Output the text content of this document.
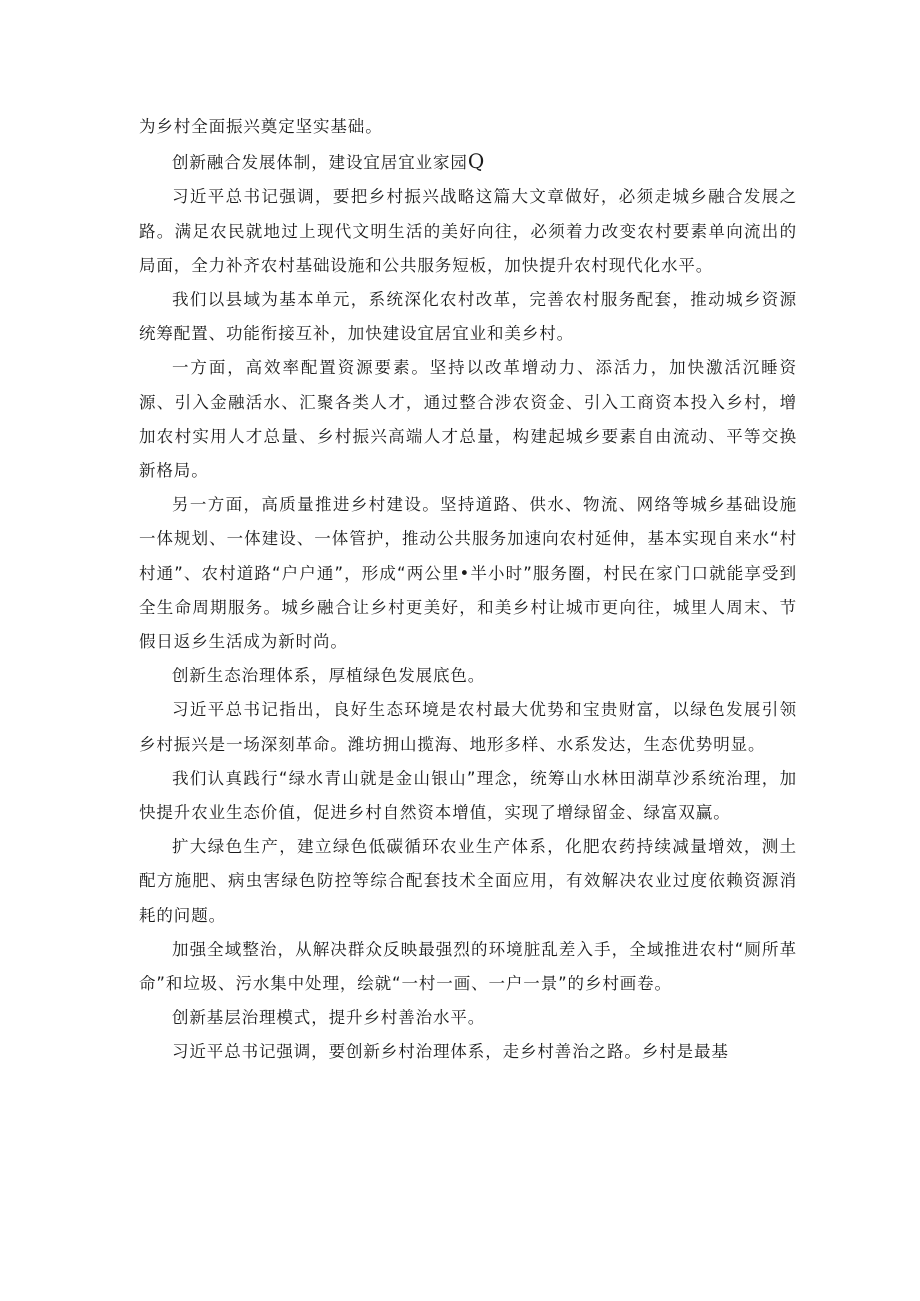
为乡村全面振兴奠定坚实基础。

创新融合发展体制，建设宜居宜业家园Q

习近平总书记强调，要把乡村振兴战略这篇大文章做好，必须走城乡融合发展之路。满足农民就地过上现代文明生活的美好向往，必须着力改变农村要素单向流出的局面，全力补齐农村基础设施和公共服务短板，加快提升农村现代化水平。

我们以县域为基本单元，系统深化农村改革，完善农村服务配套，推动城乡资源统筹配置、功能衔接互补，加快建设宜居宜业和美乡村。

一方面，高效率配置资源要素。坚持以改革增动力、添活力，加快激活沉睡资源、引入金融活水、汇聚各类人才，通过整合涉农资金、引入工商资本投入乡村，增加农村实用人才总量、乡村振兴高端人才总量，构建起城乡要素自由流动、平等交换新格局。

另一方面，高质量推进乡村建设。坚持道路、供水、物流、网络等城乡基础设施一体规划、一体建设、一体管护，推动公共服务加速向农村延伸，基本实现自来水“村村通”、农村道路“户户通”，形成“两公里•半小时”服务圈，村民在家门口就能享受到全生命周期服务。城乡融合让乡村更美好，和美乡村让城市更向往，城里人周末、节假日返乡生活成为新时尚。

创新生态治理体系，厚植绿色发展底色。

习近平总书记指出，良好生态环境是农村最大优势和宝贵财富，以绿色发展引领乡村振兴是一场深刻革命。潍坊拥山揽海、地形多样、水系发达，生态优势明显。

我们认真践行“绿水青山就是金山银山”理念，统筹山水林田湖草沙系统治理，加快提升农业生态价值，促进乡村自然资本增值，实现了增绿留金、绿富双赢。

扩大绿色生产，建立绿色低碳循环农业生产体系，化肥农药持续减量增效，测土配方施肥、病虫害绿色防控等综合配套技术全面应用，有效解决农业过度依赖资源消耗的问题。

加强全域整治，从解决群众反映最强烈的环境脏乱差入手，全域推进农村“厕所革命”和垃圾、污水集中处理，绘就“一村一画、一户一景”的乡村画卷。

创新基层治理模式，提升乡村善治水平。

习近平总书记强调，要创新乡村治理体系，走乡村善治之路。乡村是最基
